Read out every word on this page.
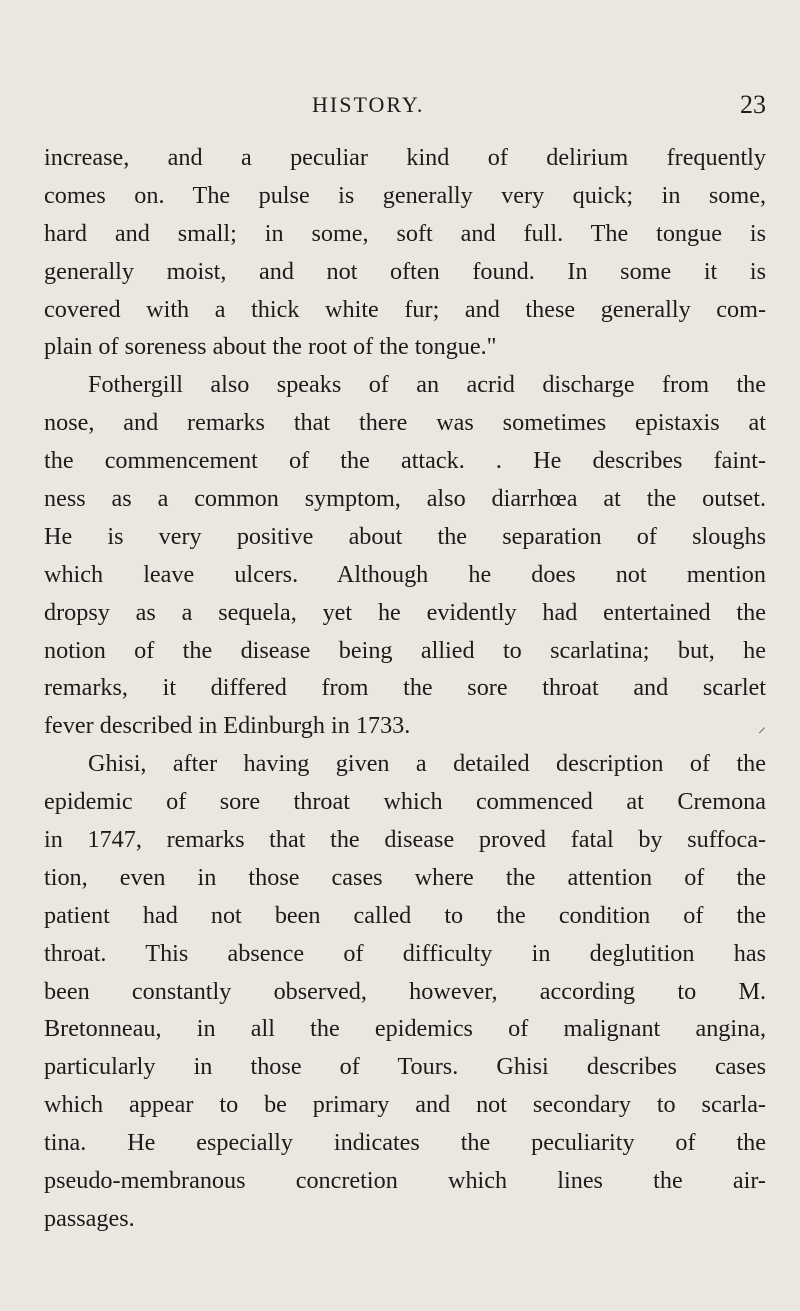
HISTORY.	23
increase, and a peculiar kind of delirium frequently
comes on. The pulse is generally very quick; in some,
hard and small; in some, soft and full. The tongue is
generally moist, and not often found. In some it is
covered with a thick white fur; and these generally com-
plain of soreness about the root of the tongue."
Fothergill also speaks of an acrid discharge from the
nose, and remarks that there was sometimes epistaxis at
the commencement of the attack. . He describes faint-
ness as a common symptom, also diarrhœa at the outset.
He is very positive about the separation of sloughs
which leave ulcers. Although he does not mention
dropsy as a sequela, yet he evidently had entertained the
notion of the disease being allied to scarlatina; but, he
remarks, it differed from the sore throat and scarlet
fever described in Edinburgh in 1733.
Ghisi, after having given a detailed description of the
epidemic of sore throat which commenced at Cremona
in 1747, remarks that the disease proved fatal by suffoca-
tion, even in those cases where the attention of the
patient had not been called to the condition of the
throat. This absence of difficulty in deglutition has
been constantly observed, however, according to M.
Bretonneau, in all the epidemics of malignant angina,
particularly in those of Tours. Ghisi describes cases
which appear to be primary and not secondary to scarla-
tina. He especially indicates the peculiarity of the
pseudo-membranous concretion which lines the air-
passages.
⸝
